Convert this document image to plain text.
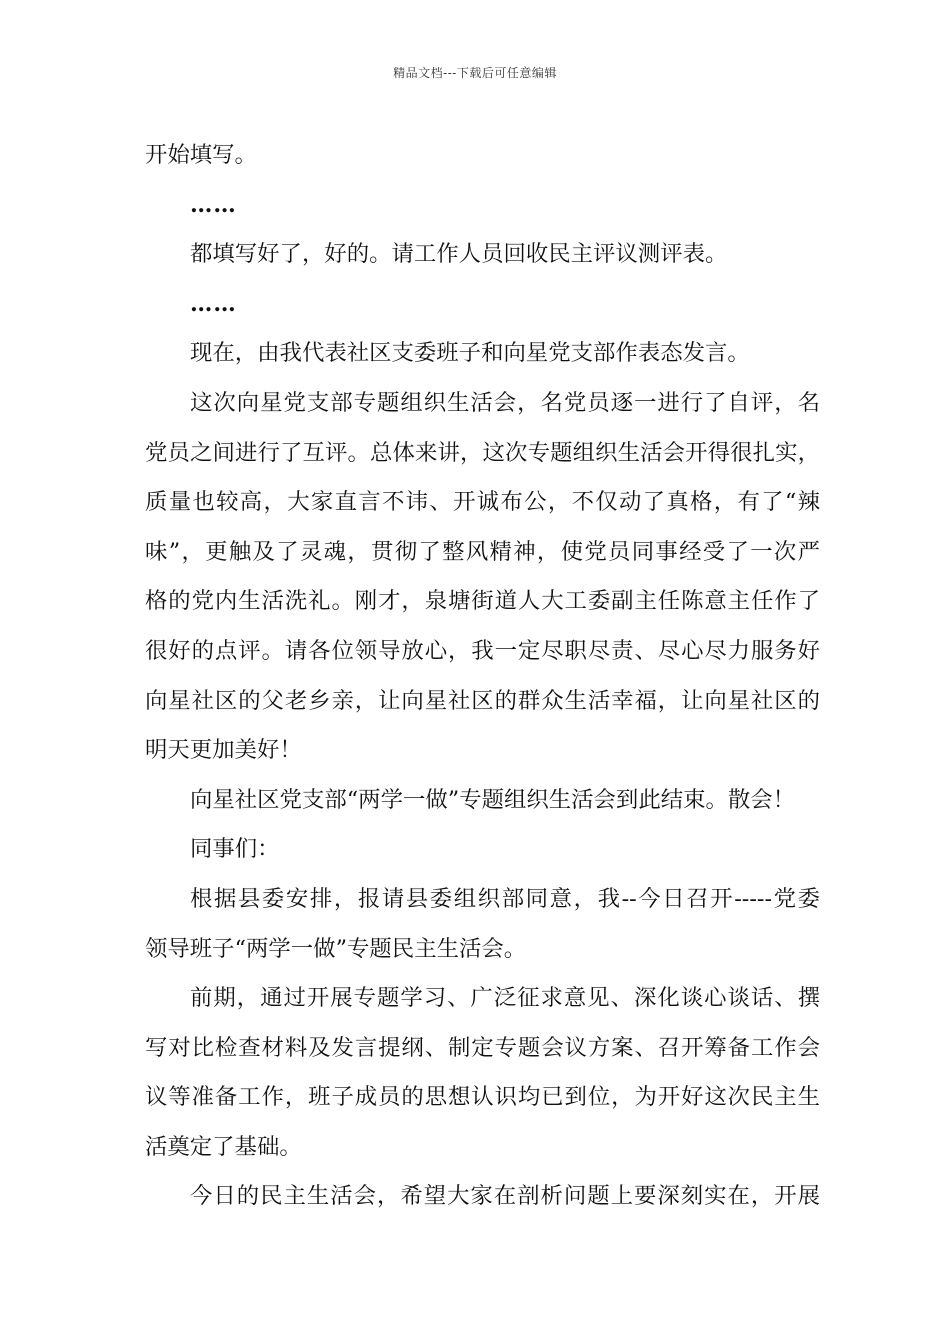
精品文档---下载后可任意编辑
开始填写。
……
都填写好了，好的。请工作人员回收民主评议测评表。
……
现在，由我代表社区支委班子和向星党支部作表态发言。
这次向星党支部专题组织生活会，名党员逐一进行了自评，名
党员之间进行了互评。总体来讲，这次专题组织生活会开得很扎实，
质量也较高，大家直言不讳、开诚布公，不仅动了真格，有了“辣
味”，更触及了灵魂，贯彻了整风精神，使党员同事经受了一次严
格的党内生活洗礼。刚才，泉塘街道人大工委副主任陈意主任作了
很好的点评。请各位领导放心，我一定尽职尽责、尽心尽力服务好
向星社区的父老乡亲，让向星社区的群众生活幸福，让向星社区的
明天更加美好！
向星社区党支部“两学一做”专题组织生活会到此结束。散会！
同事们：
根据县委安排，报请县委组织部同意，我--今日召开-----党委
领导班子“两学一做”专题民主生活会。
前期，通过开展专题学习、广泛征求意见、深化谈心谈话、撰
写对比检查材料及发言提纲、制定专题会议方案、召开筹备工作会
议等准备工作，班子成员的思想认识均已到位，为开好这次民主生
活奠定了基础。
今日的民主生活会，希望大家在剖析问题上要深刻实在，开展
